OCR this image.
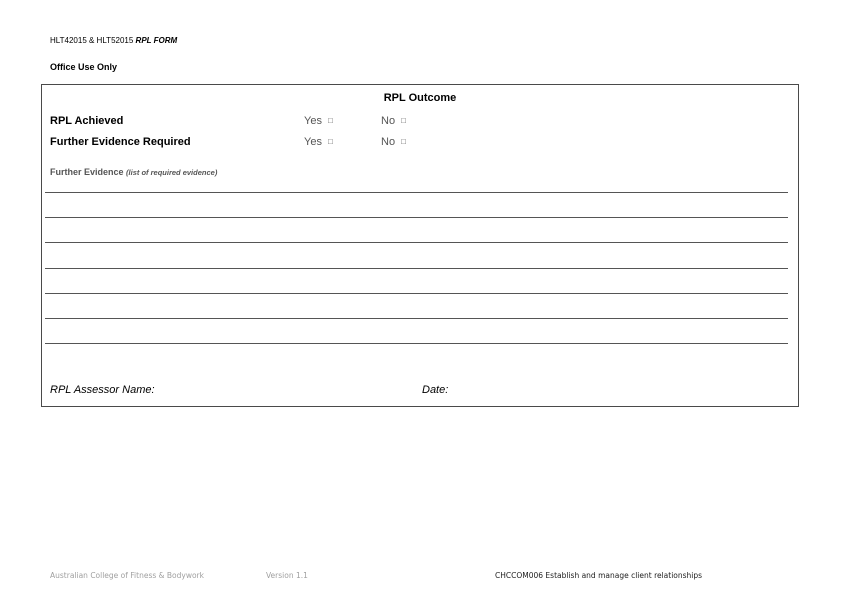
HLT42015 & HLT52015 RPL FORM
Office Use Only
RPL Outcome
RPL Achieved	Yes □	No □
Further Evidence Required	Yes □	No □
Further Evidence (list of required evidence)
RPL Assessor Name:	Date:
Australian College of Fitness & Bodywork	Version 1.1	CHCCOM006 Establish and manage client relationships
